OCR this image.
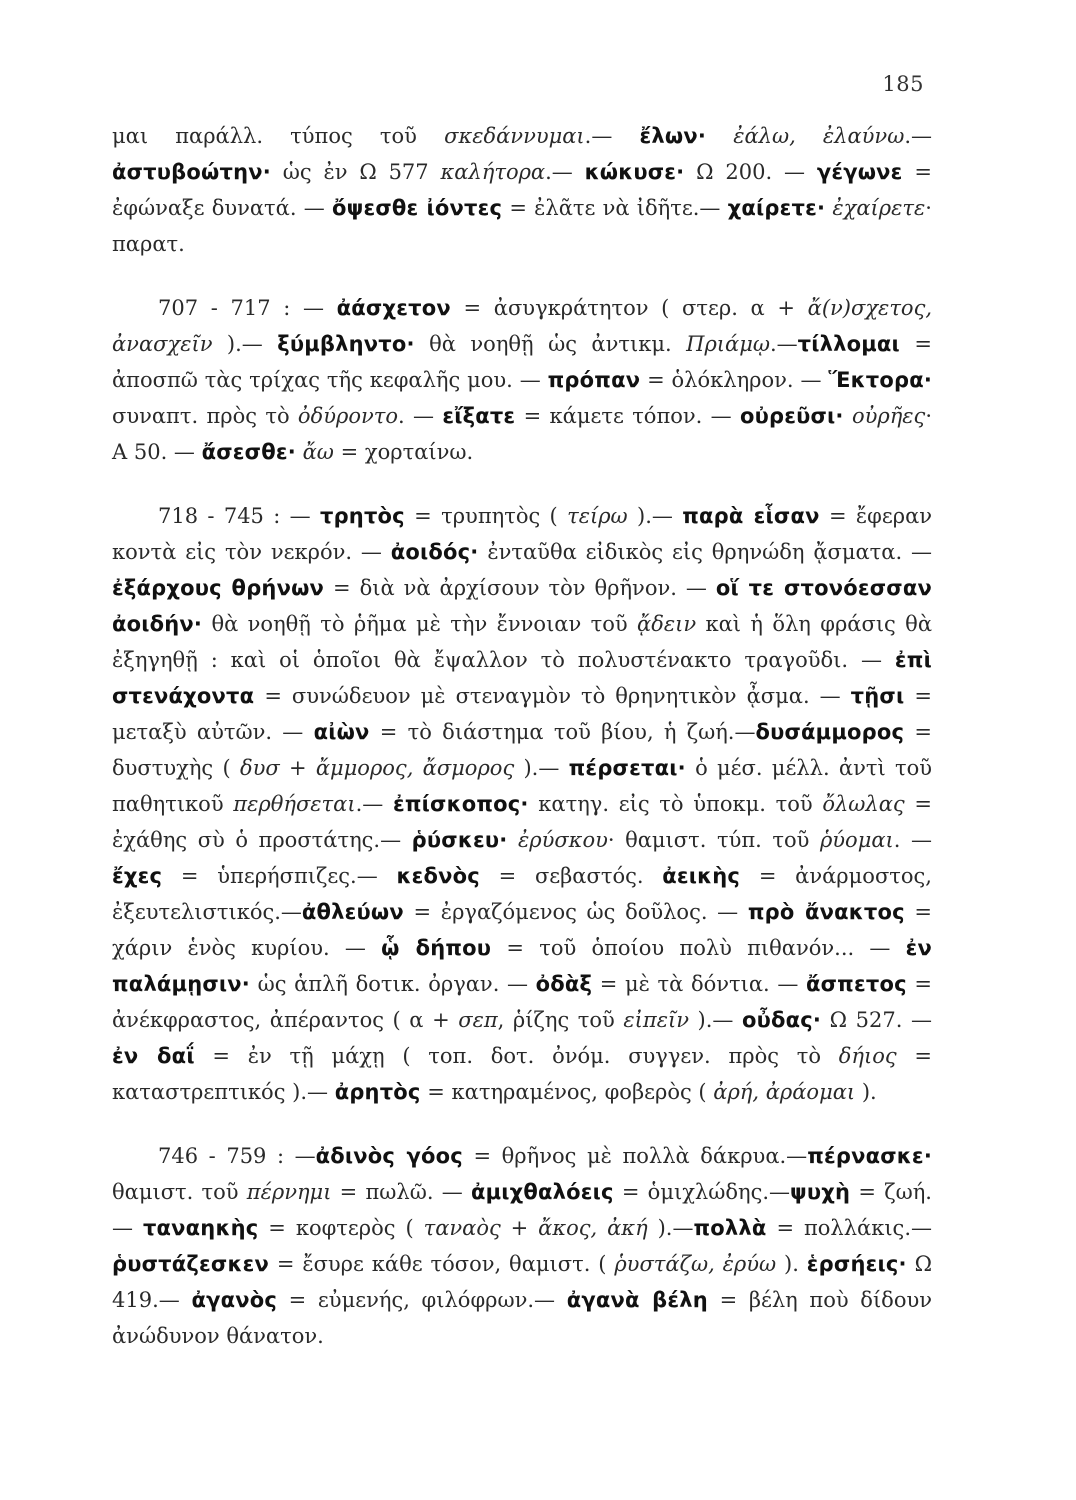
185

μαι παράλλ. τύπος τοῦ σκεδάννυμαι.— ἔλων· ἐάλω, ἐλαύνω.—ἀστυβοώτην· ὡς ἐν Ω 577 καλήτορα.— κώκυσε· Ω 200. — γέγωνε = ἐφώναξε δυνατά. — ὄψεσθε ἰόντες = ἐλᾶτε νὰ ἰδῆτε.— χαίρετε· ἐχαίρετε· παρατ.

707 - 717 : — ἀάσχετον = ἀσυγκράτητον ( στερ. α + ἄ(ν)σχετος, ἀνασχεῖν ).— ξύμβληντο· θὰ νοηθῇ ὡς ἀντικμ. Πριάμῳ.—τίλλομαι = ἀποσπῶ τὰς τρίχας τῆς κεφαλῆς μου. — πρόπαν = ὁλόκληρον. — Ἕκτορα· συναπτ. πρὸς τὸ ὀδύροντο. — εἴξατε = κάμετε τόπον. — οὐρεῦσι· οὐρῆες· Α 50. — ἄσεσθε· ἄω = χορταίνω.

718 - 745 : — τρητὸς = τρυπητὸς ( τείρω ).— παρὰ εἷσαν = ἔφεραν κοντὰ εἰς τὸν νεκρόν. — ἀοιδός· ἐνταῦθα εἰδικὸς εἰς θρηνώδη ᾄσματα. — ἐξάρχους θρήνων = διὰ νὰ ἀρχίσουν τὸν θρῆνον. — οἵ τε στονόεσσαν ἀοιδήν· θὰ νοηθῇ τὸ ῥῆμα μὲ τὴν ἔννοιαν τοῦ ᾄδειν καὶ ἡ ὅλη φράσις θὰ ἐξηγηθῇ : καὶ οἱ ὁποῖοι θὰ ἔψαλλον τὸ πολυστένακτο τραγοῦδι. — ἐπὶ στενάχοντα = συνώδευον μὲ στεναγμὸν τὸ θρηνητικὸν ᾆσμα. — τῇσι = μεταξὺ αὐτῶν. — αἰὼν = τὸ διάστημα τοῦ βίου, ἡ ζωή.—δυσάμμορος = δυστυχὴς ( δυσ + ἄμμορος, ἄσμορος ).— πέρσεται· ὁ μέσ. μέλλ. ἀντὶ τοῦ παθητικοῦ περθήσεται.— ἐπίσκοπος· κατηγ. εἰς τὸ ὑποκμ. τοῦ ὄλωλας = ἐχάθης σὺ ὁ προστάτης.— ῥύσκευ· ἐρύσκου· θαμιστ. τύπ. τοῦ ῥύομαι. — ἔχες = ὑπερήσπιζες.— κεδνὸς = σεβαστός. ἀεικὴς = ἀνάρμοστος, ἐξευτελιστικός.—ἀθλεύων = ἐργαζόμενος ὡς δοῦλος. — πρὸ ἄνακτος = χάριν ἑνὸς κυρίου. — ᾧ δήπου = τοῦ ὁποίου πολὺ πιθανόν... — ἐν παλάμῃσιν· ὡς ἁπλῆ δοτικ. ὀργαν. — ὀδὰξ = μὲ τὰ δόντια. — ἄσπετος = ἀνέκφραστος, ἀπέραντος ( α + σεπ, ῥίζης τοῦ εἰπεῖν ).— οὖδας· Ω 527. — ἐν δαΐ = ἐν τῇ μάχῃ ( τοπ. δοτ. ὀνόμ. συγγεν. πρὸς τὸ δήιος = καταστρεπτικός ).— ἀρητὸς = κατηραμένος, φοβερὸς ( ἀρή, ἀράομαι ).

746 - 759 : —ἀδινὸς γόος = θρῆνος μὲ πολλὰ δάκρυα.—πέρνασκε· θαμιστ. τοῦ πέρνημι = πωλῶ. — ἀμιχθαλόεις = ὁμιχλώδης.—ψυχὴ = ζωή.— ταναηκὴς = κοφτερὸς ( ταναὸς + ἄκος, ἀκή ).—πολλὰ = πολλάκις.— ῥυστάζεσκεν = ἔσυρε κάθε τόσον, θαμιστ. ( ῥυστάζω, ἐρύω ). ἑρσήεις· Ω 419.— ἀγανὸς = εὐμενής, φιλόφρων.— ἀγανὰ βέλη = βέλη ποὺ δίδουν ἀνώδυνον θάνατον.
